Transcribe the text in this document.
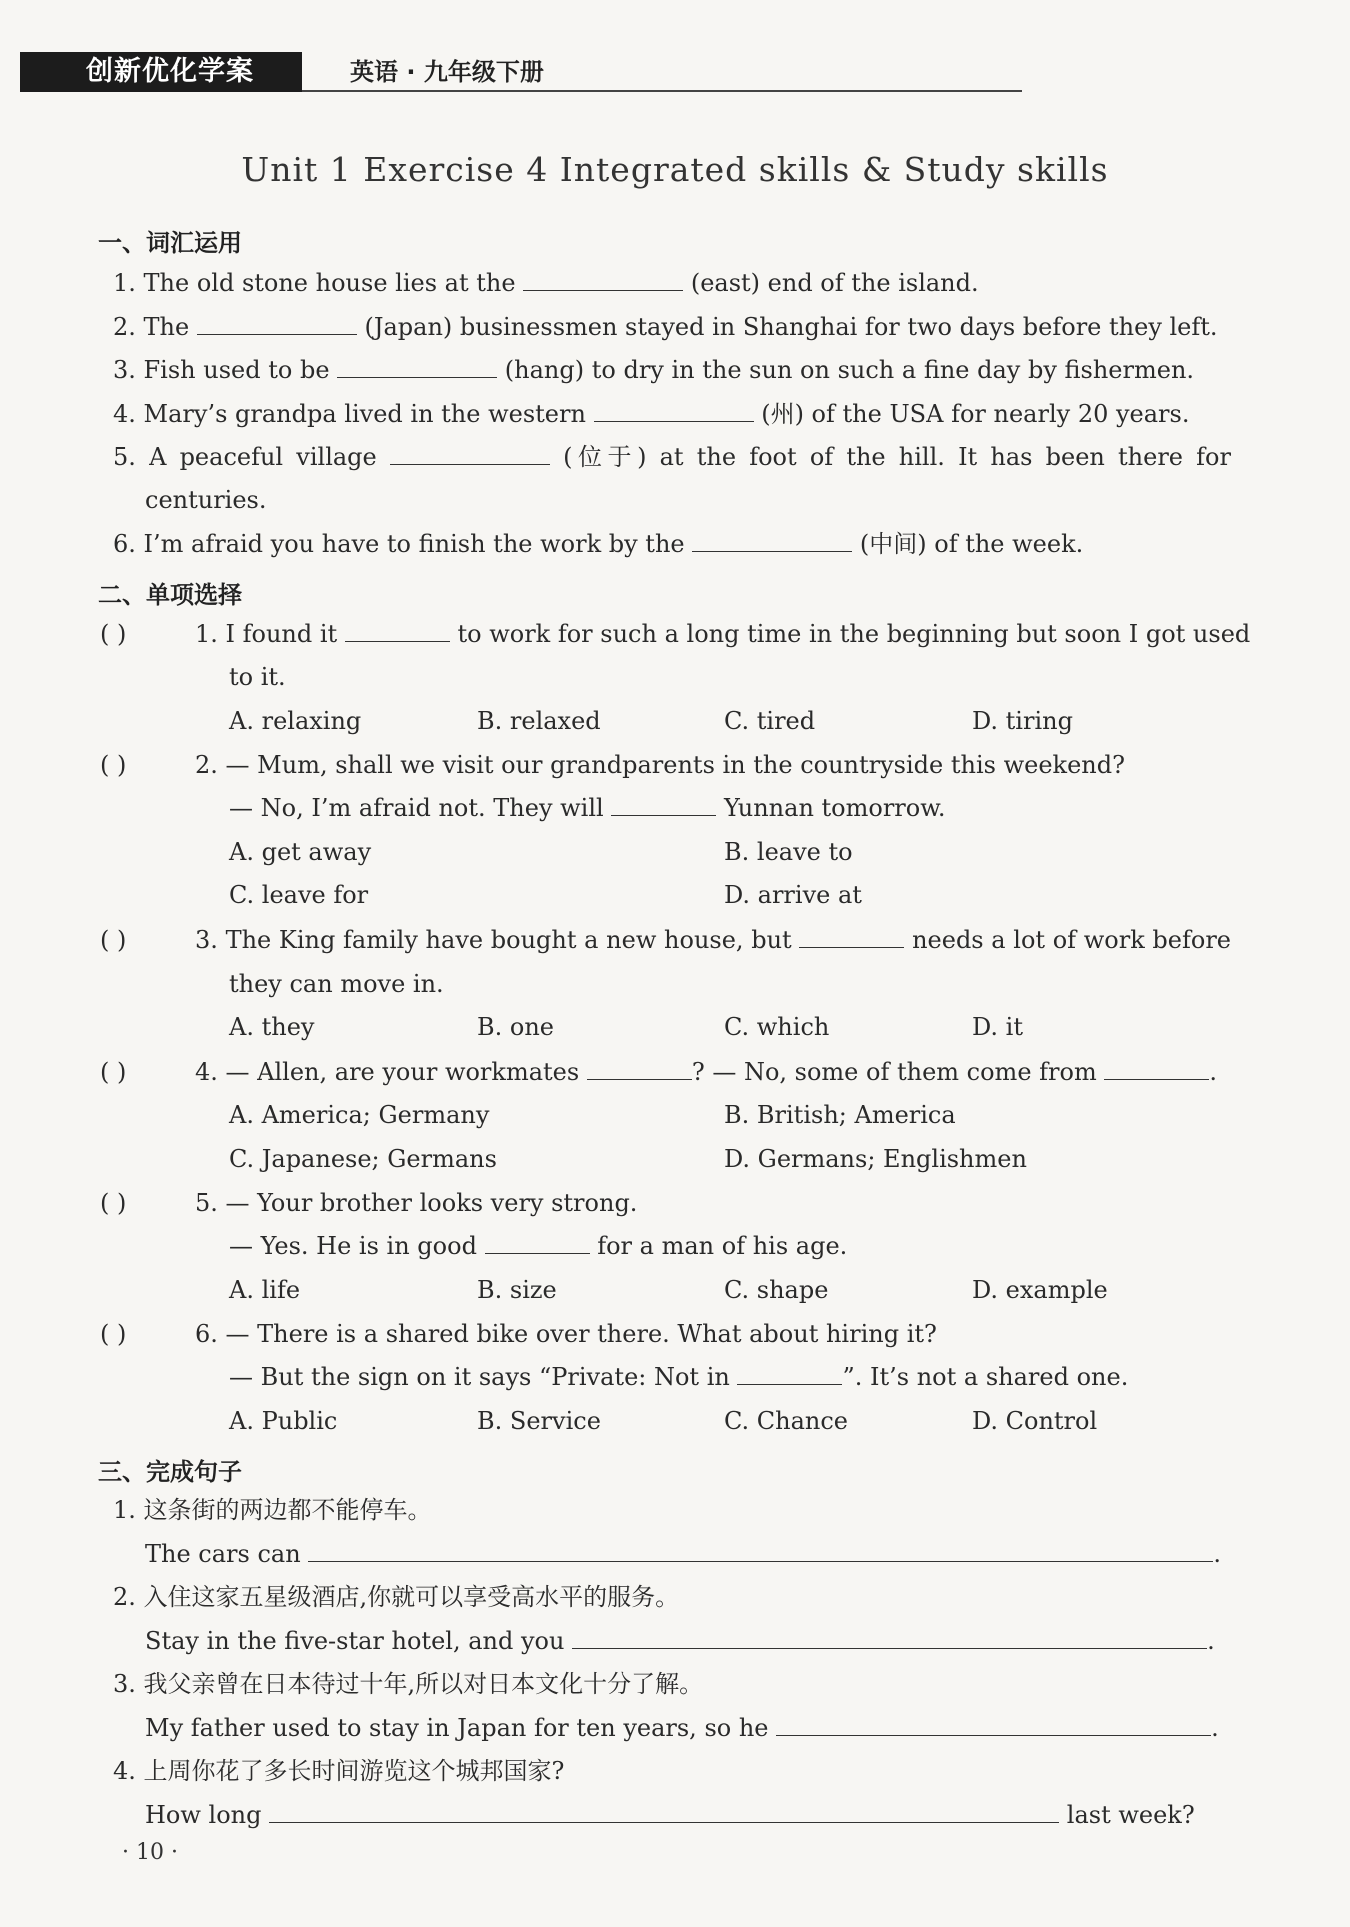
创新优化学案	英语 · 九年级下册
Unit 1 Exercise 4 Integrated skills & Study skills
一、词汇运用
1. The old stone house lies at the	(east) end of the island.
2. The	(Japan) businessmen stayed in Shanghai for two days before they left.
3. Fish used to be	(hang) to dry in the sun on such a fine day by fishermen.
4. Mary’s grandpa lived in the western	(州) of the USA for nearly 20 years.
5. A peaceful village	(位于) at the foot of the hill. It has been there for
centuries.
6. I’m afraid you have to finish the work by the	(中间) of the week.
二、单项选择
( )	1. I found it	to work for such a long time in the beginning but soon I got used
to it.
A. relaxing	B. relaxed	C. tired	D. tiring
( )	2. — Mum, shall we visit our grandparents in the countryside this weekend?
— No, I’m afraid not. They will	Yunnan tomorrow.
A. get away	B. leave to
C. leave for	D. arrive at
( )	3. The King family have bought a new house, but	needs a lot of work before
they can move in.
A. they	B. one	C. which	D. it
( )	4. — Allen, are your workmates	? — No, some of them come from	.
A. America; Germany	B. British; America
C. Japanese; Germans	D. Germans; Englishmen
( )	5. — Your brother looks very strong.
— Yes. He is in good	for a man of his age.
A. life	B. size	C. shape	D. example
( )	6. — There is a shared bike over there. What about hiring it?
— But the sign on it says “Private: Not in	”. It’s not a shared one.
A. Public	B. Service	C. Chance	D. Control
三、完成句子
1. 这条街的两边都不能停车。
The cars can	.
2. 入住这家五星级酒店,你就可以享受高水平的服务。
Stay in the five-star hotel, and you	.
3. 我父亲曾在日本待过十年,所以对日本文化十分了解。
My father used to stay in Japan for ten years, so he	.
4. 上周你花了多长时间游览这个城邦国家?
How long	last week?
· 10 ·
